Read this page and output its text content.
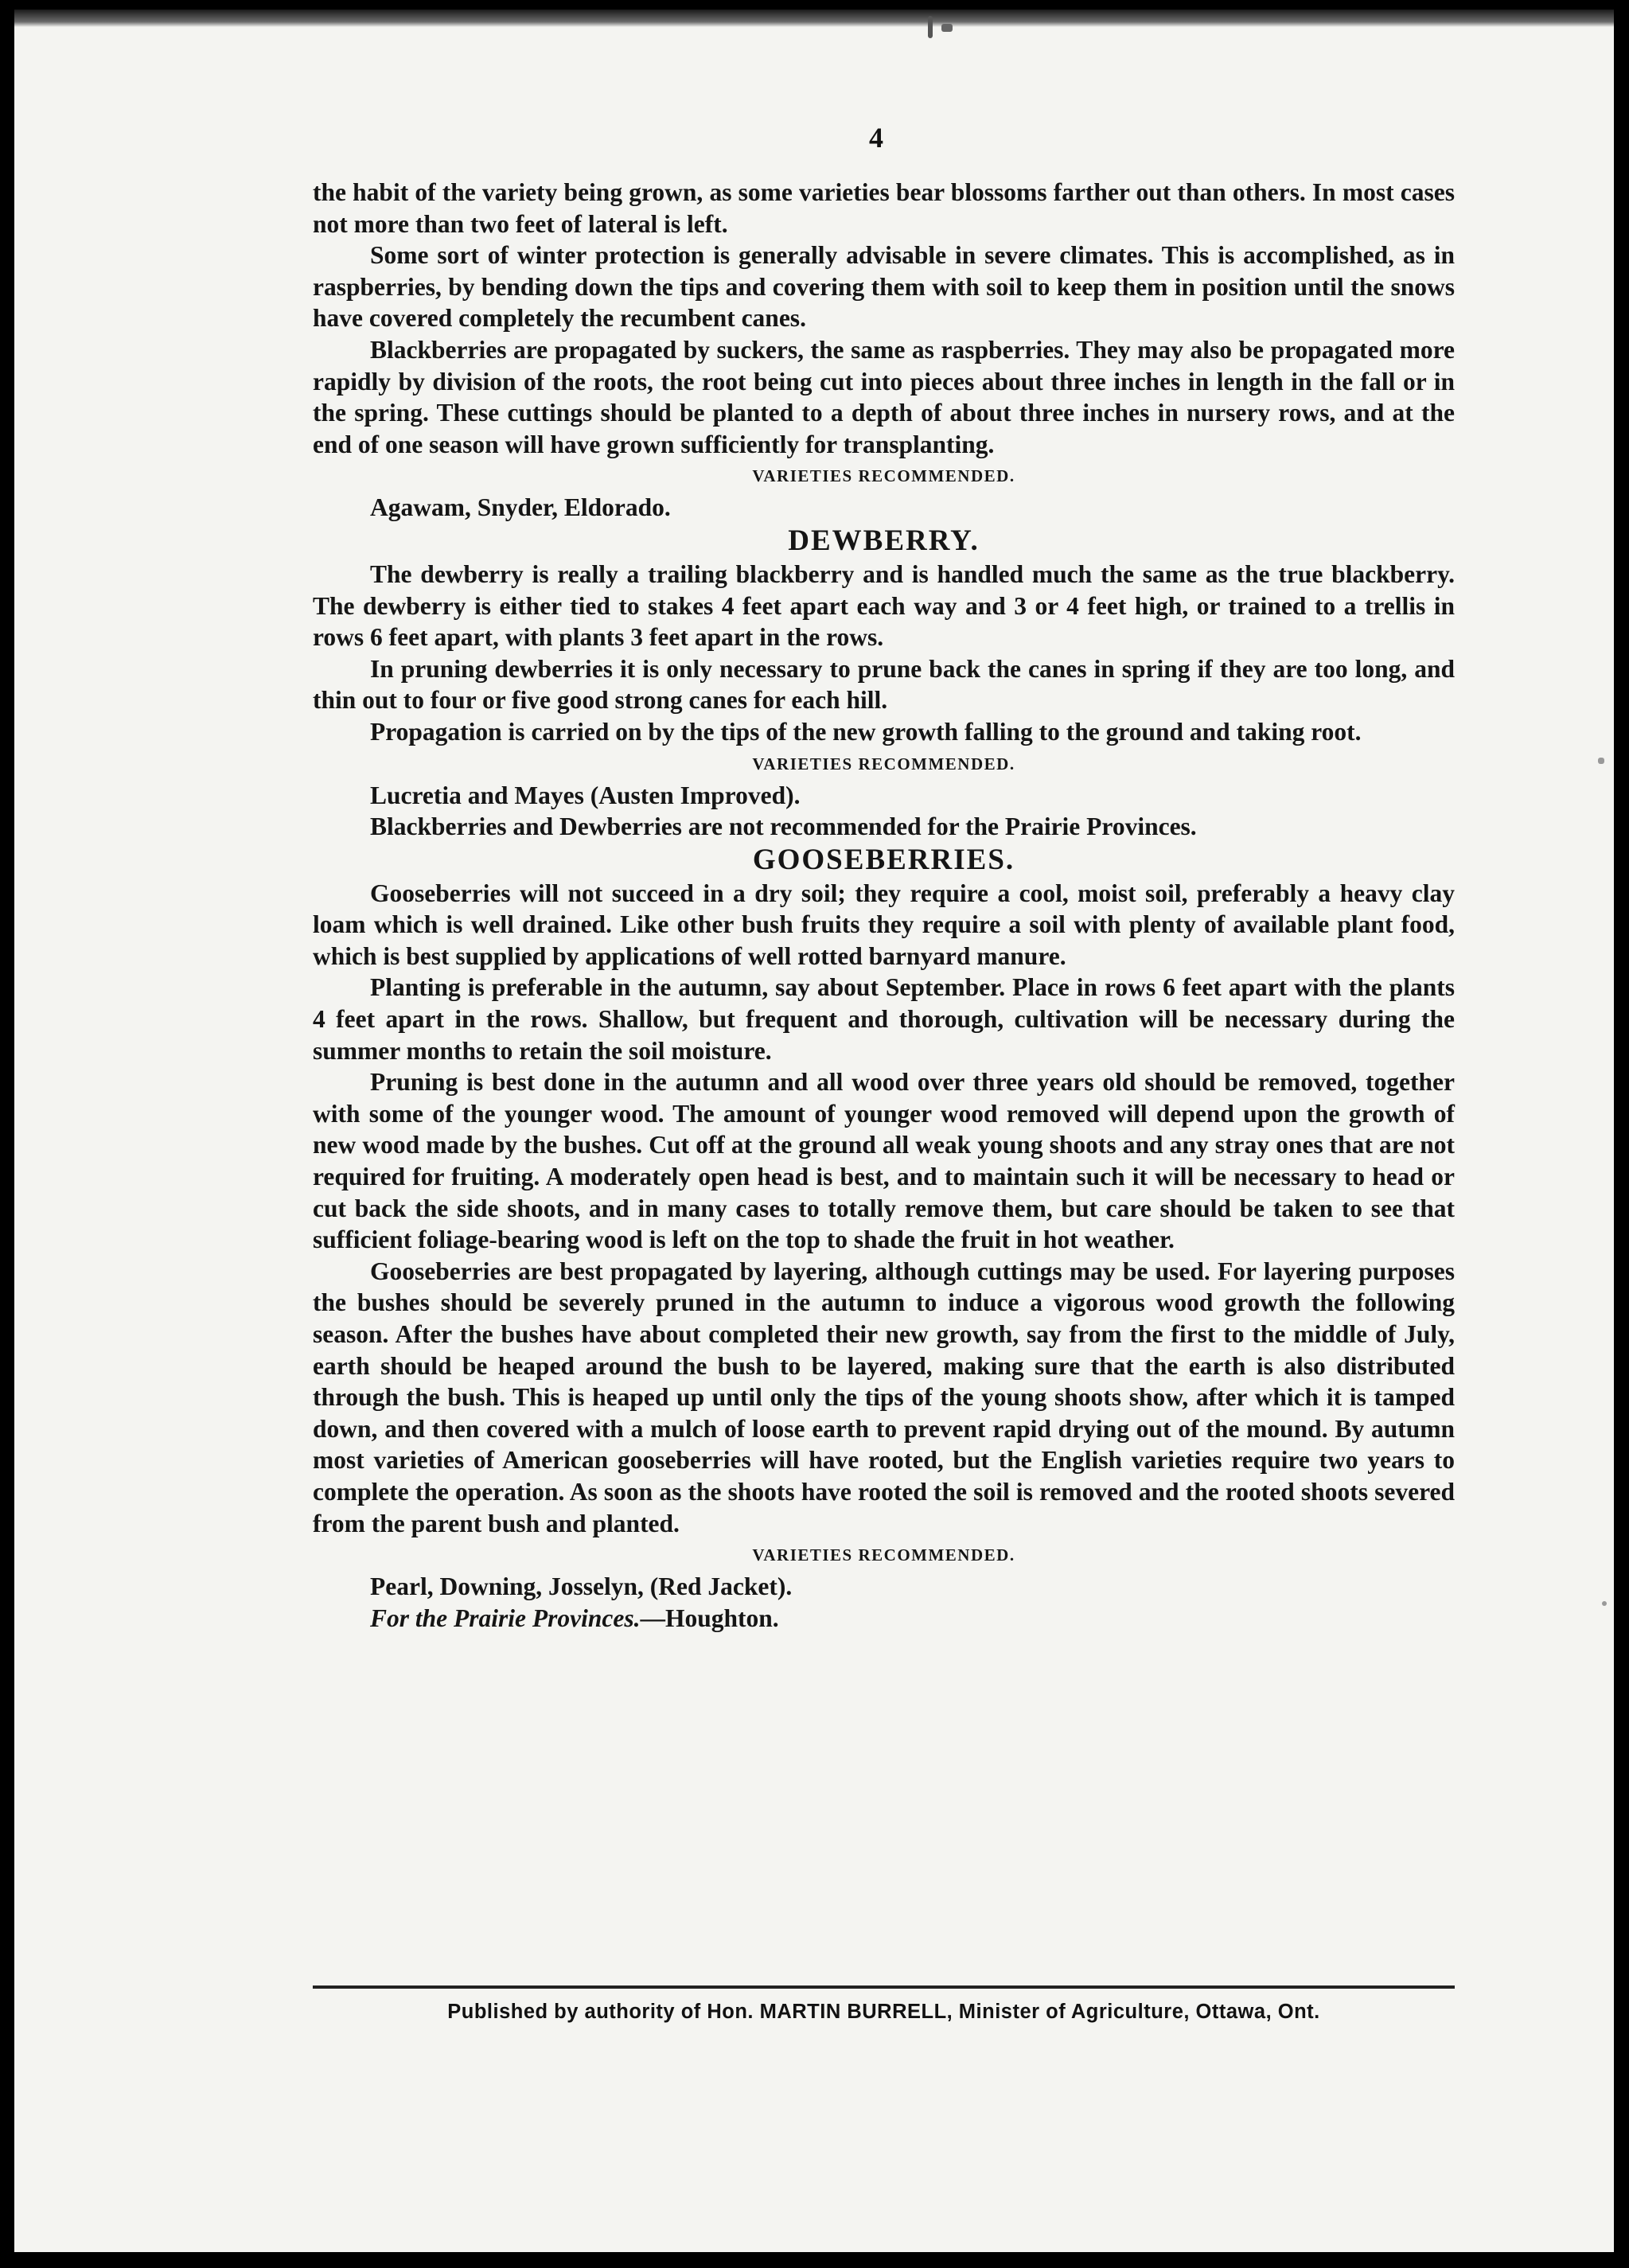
4

the habit of the variety being grown, as some varieties bear blossoms farther out than others. In most cases not more than two feet of lateral is left.

Some sort of winter protection is generally advisable in severe climates. This is accomplished, as in raspberries, by bending down the tips and covering them with soil to keep them in position until the snows have covered completely the recumbent canes.

Blackberries are propagated by suckers, the same as raspberries. They may also be propagated more rapidly by division of the roots, the root being cut into pieces about three inches in length in the fall or in the spring. These cuttings should be planted to a depth of about three inches in nursery rows, and at the end of one season will have grown sufficiently for transplanting.

VARIETIES RECOMMENDED.

Agawam, Snyder, Eldorado.

DEWBERRY.

The dewberry is really a trailing blackberry and is handled much the same as the true blackberry. The dewberry is either tied to stakes 4 feet apart each way and 3 or 4 feet high, or trained to a trellis in rows 6 feet apart, with plants 3 feet apart in the rows.

In pruning dewberries it is only necessary to prune back the canes in spring if they are too long, and thin out to four or five good strong canes for each hill.

Propagation is carried on by the tips of the new growth falling to the ground and taking root.

VARIETIES RECOMMENDED.

Lucretia and Mayes (Austen Improved).

Blackberries and Dewberries are not recommended for the Prairie Provinces.

GOOSEBERRIES.

Gooseberries will not succeed in a dry soil; they require a cool, moist soil, preferably a heavy clay loam which is well drained. Like other bush fruits they require a soil with plenty of available plant food, which is best supplied by applications of well rotted barnyard manure.

Planting is preferable in the autumn, say about September. Place in rows 6 feet apart with the plants 4 feet apart in the rows. Shallow, but frequent and thorough, cultivation will be necessary during the summer months to retain the soil moisture.

Pruning is best done in the autumn and all wood over three years old should be removed, together with some of the younger wood. The amount of younger wood removed will depend upon the growth of new wood made by the bushes. Cut off at the ground all weak young shoots and any stray ones that are not required for fruiting. A moderately open head is best, and to maintain such it will be necessary to head or cut back the side shoots, and in many cases to totally remove them, but care should be taken to see that sufficient foliage-bearing wood is left on the top to shade the fruit in hot weather.

Gooseberries are best propagated by layering, although cuttings may be used. For layering purposes the bushes should be severely pruned in the autumn to induce a vigorous wood growth the following season. After the bushes have about completed their new growth, say from the first to the middle of July, earth should be heaped around the bush to be layered, making sure that the earth is also distributed through the bush. This is heaped up until only the tips of the young shoots show, after which it is tamped down, and then covered with a mulch of loose earth to prevent rapid drying out of the mound. By autumn most varieties of American gooseberries will have rooted, but the English varieties require two years to complete the operation. As soon as the shoots have rooted the soil is removed and the rooted shoots severed from the parent bush and planted.

VARIETIES RECOMMENDED.

Pearl, Downing, Josselyn, (Red Jacket).

For the Prairie Provinces.—Houghton.

Published by authority of Hon. MARTIN BURRELL, Minister of Agriculture, Ottawa, Ont.
